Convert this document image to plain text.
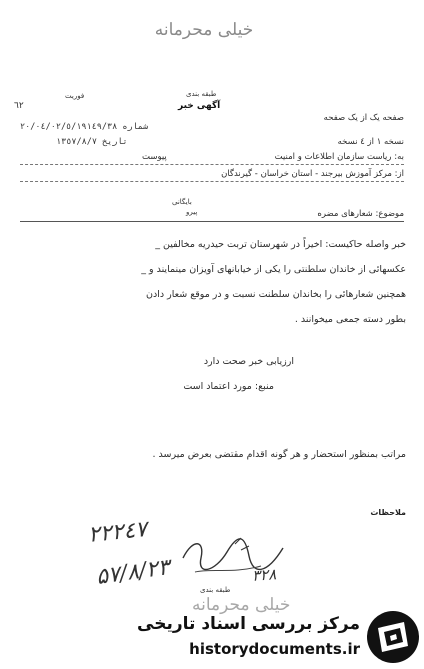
خیلی محرمانه
فوریت	طبقه بندی
آگهی خبر
٦٢
صفحه یک از یک صفحه
شماره ۲۰/۰٤/۰۲/٥/۱۹۱٤۹/۳۸
نسخه ۱ از ٤ نسخه
تاریخ ۱۳٥۷/۸/۷
به: ریاست سازمان اطلاعات و امنیت
پیوست
از: مرکز آموزش بیرجند - استان خراسان - گیرندگان
بایگانی
پیرو	موضوع: شعارهای مضره
خبر واصله حاکیست: اخیراً در شهرستان تربت حیدریه مخالفین _
عکسهائی از خاندان سلطنتی را یکی از خیابانهای آویزان مینمایند و _
همچنین شعارهائی را بخاندان سلطنت نسبت و در موقع شعار دادن
بطور دسته جمعی میخوانند .
ارزیابی خبر صحت دارد
منبع: مورد اعتماد است
مراتب بمنظور استحضار و هر گونه اقدام مقتضی بعرض میرسد .
ملاحظات
۲۲۲٤۷
۵۷/۸/۲۳	۳۲۸
طبقه بندی
خیلی محرمانه
مرکز بررسی اسناد تاریخی
historydocuments.ir
